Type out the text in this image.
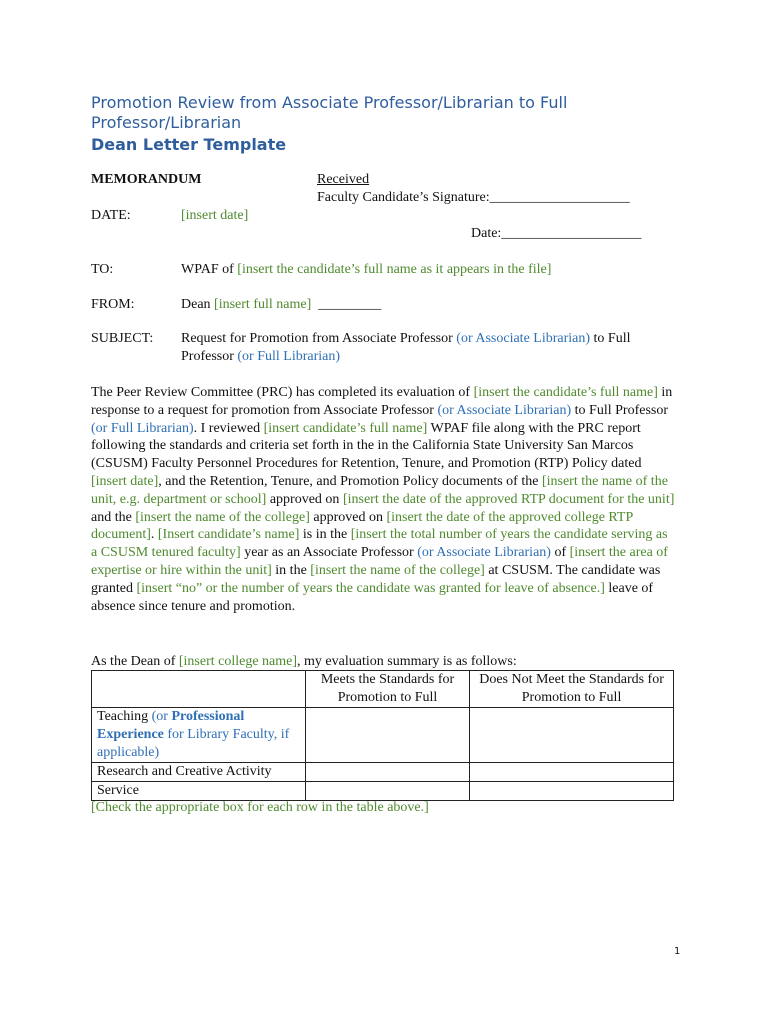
Promotion Review from Associate Professor/Librarian to Full Professor/Librarian
Dean Letter Template
MEMORANDUM	Received
Faculty Candidate’s Signature:____________________
DATE:	[insert date]
Date:____________________
TO:	WPAF of [insert the candidate’s full name as it appears in the file]
FROM:	Dean [insert full name] _________
SUBJECT: Request for Promotion from Associate Professor (or Associate Librarian) to Full Professor (or Full Librarian)
The Peer Review Committee (PRC) has completed its evaluation of [insert the candidate’s full name] in response to a request for promotion from Associate Professor (or Associate Librarian) to Full Professor (or Full Librarian). I reviewed [insert candidate’s full name] WPAF file along with the PRC report following the standards and criteria set forth in the in the California State University San Marcos (CSUSM) Faculty Personnel Procedures for Retention, Tenure, and Promotion (RTP) Policy dated [insert date], and the Retention, Tenure, and Promotion Policy documents of the [insert the name of the unit, e.g. department or school] approved on [insert the date of the approved RTP document for the unit] and the [insert the name of the college] approved on [insert the date of the approved college RTP document]. [Insert candidate’s name] is in the [insert the total number of years the candidate serving as a CSUSM tenured faculty] year as an Associate Professor (or Associate Librarian) of [insert the area of expertise or hire within the unit] in the [insert the name of the college] at CSUSM. The candidate was granted [insert “no” or the number of years the candidate was granted for leave of absence.] leave of absence since tenure and promotion.
As the Dean of [insert college name], my evaluation summary is as follows:
	Meets the Standards for Promotion to Full	Does Not Meet the Standards for Promotion to Full
Teaching (or Professional Experience for Library Faculty, if applicable)		
Research and Creative Activity		
Service		
[Check the appropriate box for each row in the table above.]
1
